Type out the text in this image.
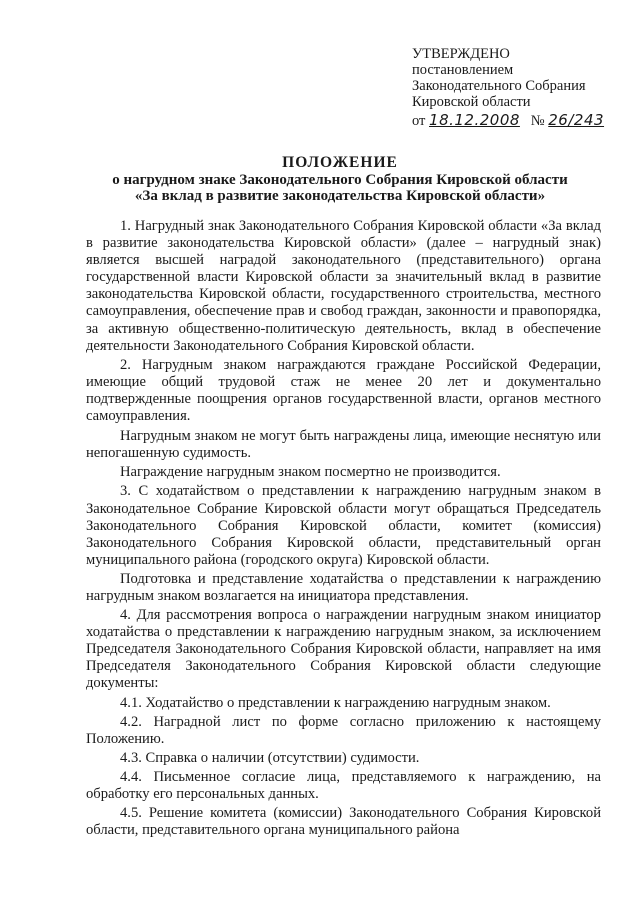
УТВЕРЖДЕНО
постановлением
Законодательного Собрания
Кировской области
от 18.12.2008 № 26/243
ПОЛОЖЕНИЕ
о нагрудном знаке Законодательного Собрания Кировской области
«За вклад в развитие законодательства Кировской области»

1. Нагрудный знак Законодательного Собрания Кировской области «За вклад в развитие законодательства Кировской области» (далее – нагрудный знак) является высшей наградой законодательного (представительного) органа государственной власти Кировской области за значительный вклад в развитие законодательства Кировской области, государственного строительства, местного самоуправления, обеспечение прав и свобод граждан, законности и правопорядка, за активную общественно-политическую деятельность, вклад в обеспечение деятельности Законодательного Собрания Кировской области.

2. Нагрудным знаком награждаются граждане Российской Федерации, имеющие общий трудовой стаж не менее 20 лет и документально подтвержденные поощрения органов государственной власти, органов местного самоуправления.

Нагрудным знаком не могут быть награждены лица, имеющие неснятую или непогашенную судимость.

Награждение нагрудным знаком посмертно не производится.

3. С ходатайством о представлении к награждению нагрудным знаком в Законодательное Собрание Кировской области могут обращаться Председатель Законодательного Собрания Кировской области, комитет (комиссия) Законодательного Собрания Кировской области, представительный орган муниципального района (городского округа) Кировской области.

Подготовка и представление ходатайства о представлении к награждению нагрудным знаком возлагается на инициатора представления.

4. Для рассмотрения вопроса о награждении нагрудным знаком инициатор ходатайства о представлении к награждению нагрудным знаком, за исключением Председателя Законодательного Собрания Кировской области, направляет на имя Председателя Законодательного Собрания Кировской области следующие документы:

4.1. Ходатайство о представлении к награждению нагрудным знаком.

4.2. Наградной лист по форме согласно приложению к настоящему Положению.

4.3. Справка о наличии (отсутствии) судимости.

4.4. Письменное согласие лица, представляемого к награждению, на обработку его персональных данных.

4.5. Решение комитета (комиссии) Законодательного Собрания Кировской области, представительного органа муниципального района
